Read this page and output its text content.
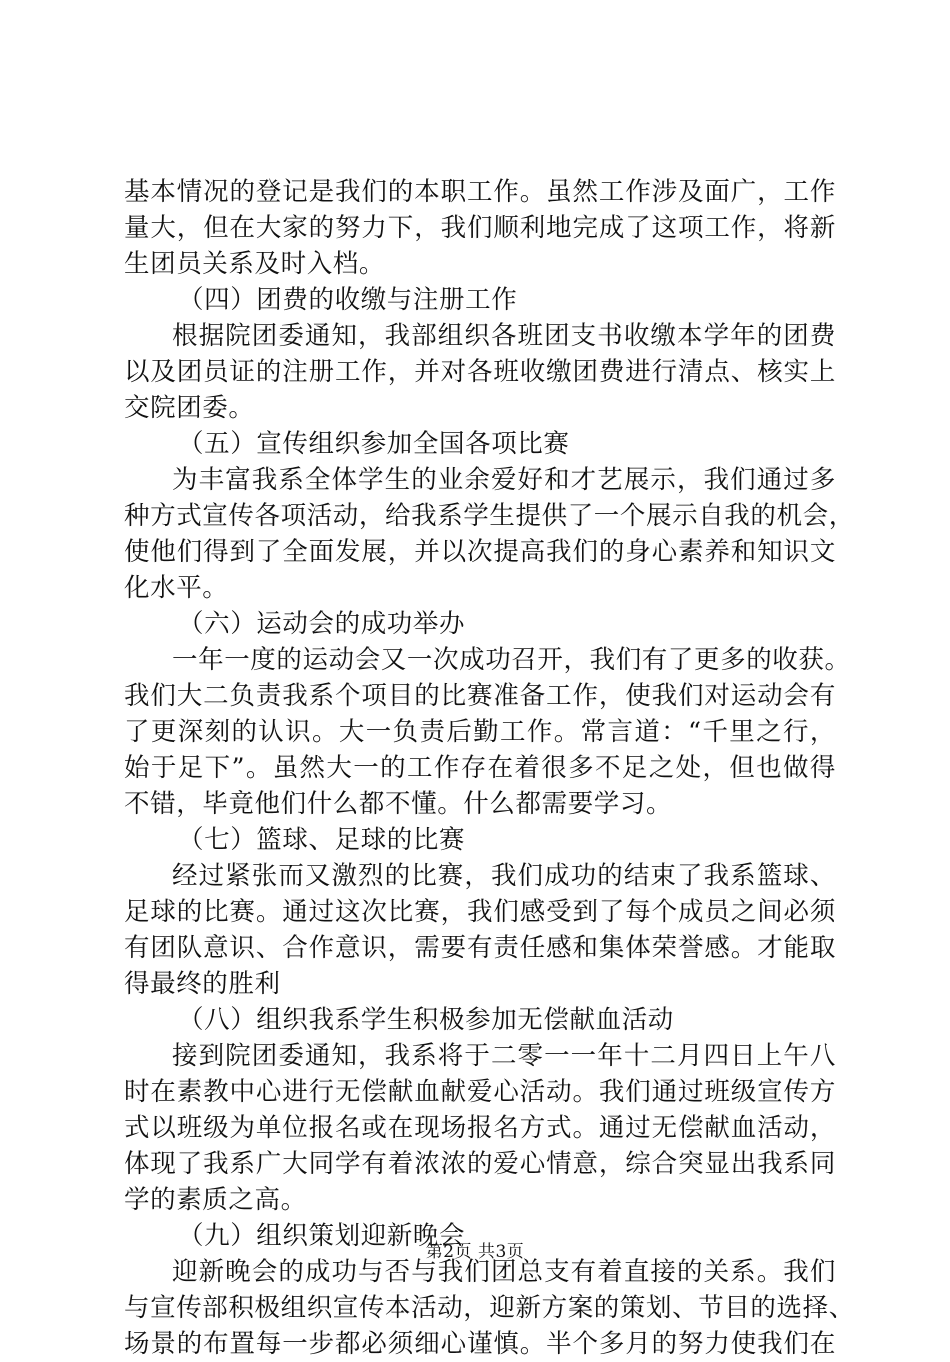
基本情况的登记是我们的本职工作。虽然工作涉及面广，工作
量大，但在大家的努力下，我们顺利地完成了这项工作，将新
生团员关系及时入档。
（四）团费的收缴与注册工作
根据院团委通知，我部组织各班团支书收缴本学年的团费
以及团员证的注册工作，并对各班收缴团费进行清点、核实上
交院团委。
（五）宣传组织参加全国各项比赛
为丰富我系全体学生的业余爱好和才艺展示，我们通过多
种方式宣传各项活动，给我系学生提供了一个展示自我的机会，
使他们得到了全面发展，并以次提高我们的身心素养和知识文
化水平。
（六）运动会的成功举办
一年一度的运动会又一次成功召开，我们有了更多的收获。
我们大二负责我系个项目的比赛准备工作，使我们对运动会有
了更深刻的认识。大一负责后勤工作。常言道：“千里之行，
始于足下”。虽然大一的工作存在着很多不足之处，但也做得
不错，毕竟他们什么都不懂。什么都需要学习。
（七）篮球、足球的比赛
经过紧张而又激烈的比赛，我们成功的结束了我系篮球、
足球的比赛。通过这次比赛，我们感受到了每个成员之间必须
有团队意识、合作意识，需要有责任感和集体荣誉感。才能取
得最终的胜利
（八）组织我系学生积极参加无偿献血活动
接到院团委通知，我系将于二零一一年十二月四日上午八
时在素教中心进行无偿献血献爱心活动。我们通过班级宣传方
式以班级为单位报名或在现场报名方式。通过无偿献血活动，
体现了我系广大同学有着浓浓的爱心情意，综合突显出我系同
学的素质之高。
（九）组织策划迎新晚会
迎新晚会的成功与否与我们团总支有着直接的关系。我们
与宣传部积极组织宣传本活动，迎新方案的策划、节目的选择、
场景的布置每一步都必须细心谨慎。半个多月的努力使我们在
第2页 共3页
